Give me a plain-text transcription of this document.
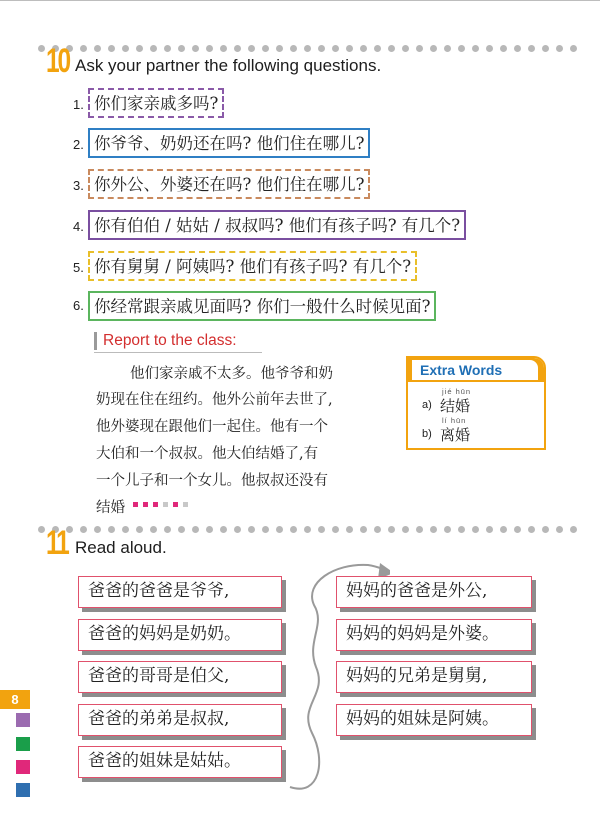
10 Ask your partner the following questions.
1. 你们家亲戚多吗?
2. 你爷爷、奶奶还在吗? 他们住在哪儿?
3. 你外公、外婆还在吗? 他们住在哪儿?
4. 你有伯伯 / 姑姑 / 叔叔吗? 他们有孩子吗? 有几个?
5. 你有舅舅 / 阿姨吗? 他们有孩子吗? 有几个?
6. 你经常跟亲戚见面吗? 你们一般什么时候见面?
Report to the class:
他们家亲戚不太多。他爷爷和奶
奶现在住在纽约。他外公前年去世了,
他外婆现在跟他们一起住。他有一个
大伯和一个叔叔。他大伯结婚了,有
一个儿子和一个女儿。他叔叔还没有
结婚
Extra Words
jié hūn
a) 结婚
lí hūn
b) 离婚
11 Read aloud.
爸爸的爸爸是爷爷,
爸爸的妈妈是奶奶。
爸爸的哥哥是伯父,
爸爸的弟弟是叔叔,
爸爸的姐妹是姑姑。
妈妈的爸爸是外公,
妈妈的妈妈是外婆。
妈妈的兄弟是舅舅,
妈妈的姐妹是阿姨。
8
